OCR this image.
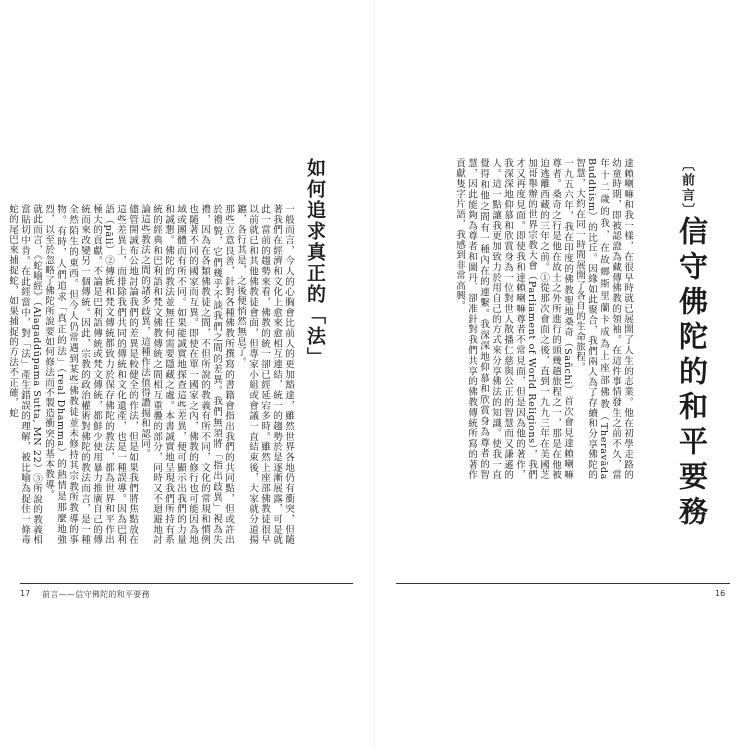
如何追求真正的「法」

一般而言，今人的心胸會比前人的更加豁達，雖然世界各地仍有衝突，但隨著我們在經濟和文化上愈來愈相互連結，統一的趨勢於是逐漸展露，可是就此一當前的趨勢來看，佛教的統一卻已經延宕多時。雖然上座部佛教徒很早以前就已和其他佛教徒會面，但專家小組或會議一直結束後，大家就分道揚鑣，各行其是，之後便悄然無息了。

那些立意良善，針對各種佛教所撰寫的書籍會指出我們的共同點，但或許出於禮貌，它們幾乎不談我們之間的差異。我們無須將「指出歧異」視為失禮，因為在各類佛教徒之間，不但所說的教義有所不同，文化的常規和慣例也隨著不同的國家而互異。即使在單一國家之內，佛教的修行也可能因為地域或團體而有所不同。如果能誠實地探查這些差異，便可顯示出我們的力量和誠懇。佛陀的教法並無任何需要隱藏之處。本書誠實地呈現我們所持有系統的經典和巴利語和梵文佛教傳統之間相互重疊的部分，同時又不迴避地討論這些教法之間的諸多歧異，這種作法值得讚揚和認同。

儘管開誠布公地討論我們的差異是較健全的作法，但是如果我們將焦點放在這些差異上，而排除我們共同的傳統和文化遺產，也是一種誤導。因為巴利語（pāli）②傳統和梵文傳統都致力於保存佛陀的教法，都為世界和平作出極大的貢獻。不論是巴利語傳統或梵文傳統，都鮮少使用暴力推廣自己的傳統而來改變另一個傳統。因此，宗教的政治權術對佛陀的教法而言，是一種全然陌生的東西。但今人仍常遇到某些佛教徒並未修持其宗教所教導的事物。有時，人們追求「真正的法」（real Dhamma）的熱情是那麼地強烈，以至於忽略了佛陀所說要如何修法而不製造衝突的基本教導。

就此而言，《蛇喻經》（Alagaddūpama Sutta, MN 22）③所說的教義相當貼切中肯。在此經當中，對「法」產生錯誤的理解，被比喻為捉住一條毒蛇的尾巴來捕捉蛇，如果捕捉的方法不正確，蛇

17 前言——信守佛陀的和平要務
〔前言〕
信守佛陀的和平要務

達賴喇嘛和我一樣，在很早時就已展開了人生的志業。他在初學走路的幼童時期，即被認證為藏傳佛教的領袖。在這件事情發生之前不久，當年十二歲的我，在故鄉斯里蘭卡成為上座部佛教（Theravāda Buddhism）的比丘。因緣如此聚合，我們兩人為了存續和分享佛陀的智慧，大約在同一時間展開了各自的生命旅程。

一九五六年，我在印度的佛教聖地桑奇（Sañchi）首次會見達賴喇嘛尊者。桑奇之行是他在故土之外所進行的頭幾趟旅程之一，那是在他被迫逃離西藏的三年之前。①從那次會面之後，直到一九九三年在美國芝加哥舉辦的世界宗教大會（Parliament of World Religions），我們才又再度見面。即使我和達賴喇嘛尊者不常見面，但是因為他的著作，我深深地仰慕和欣賞身為一位對世人散播仁慈與公正的智慧而又謙遜的人。這一點讓我更加致力於用自己的方式來分享佛法的知識。使我一直覺得和他之間有一種內在的連繫。我深深地仰慕和欣賞身為尊者的智慧，因此能夠為尊者和圖丹．卻准針對我們共享的佛教傳統所寫的著作貢獻隻字片語，我感到非常高興。

16
